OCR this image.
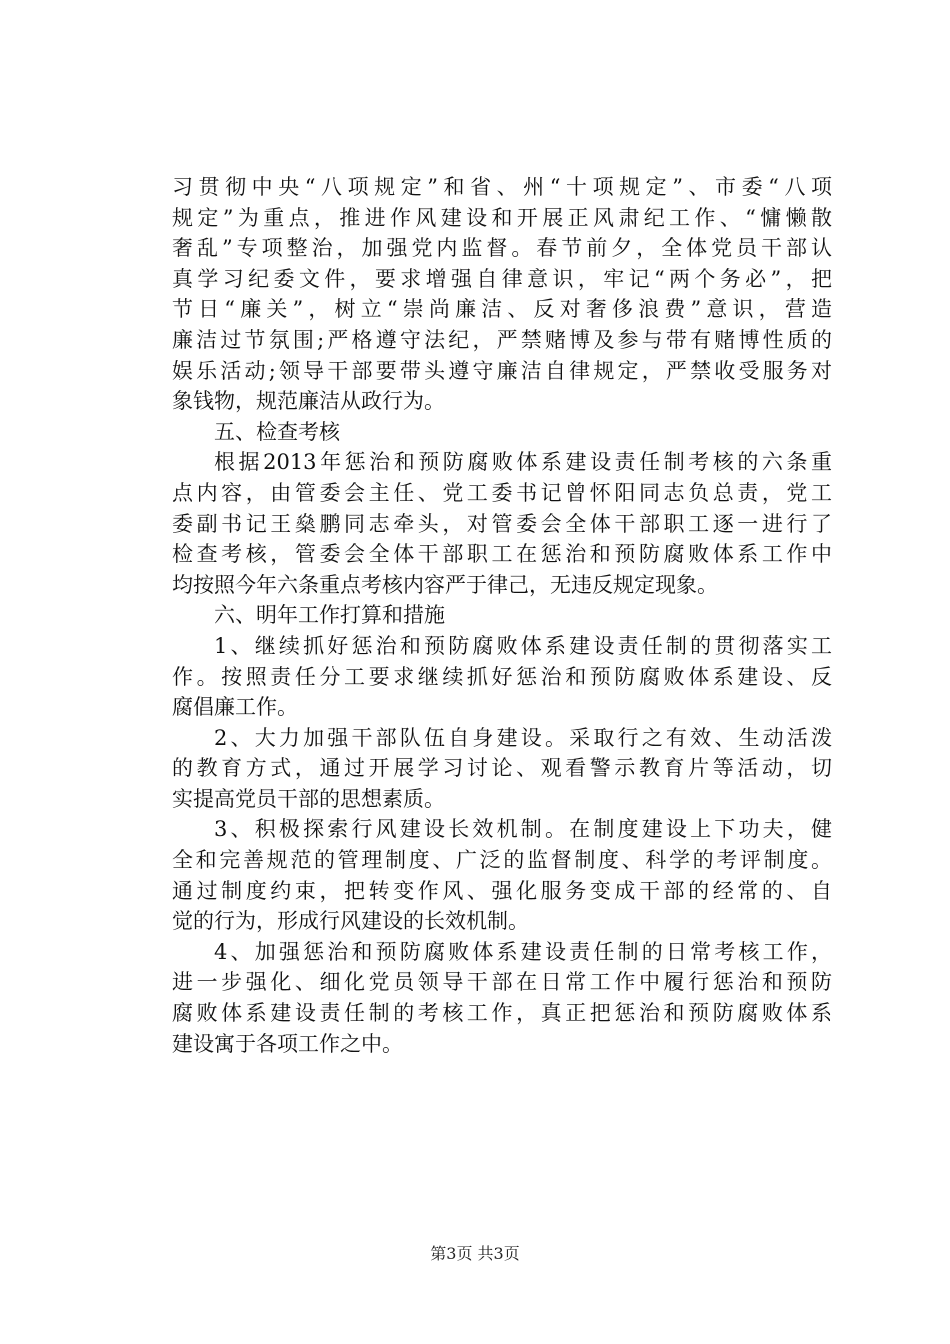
习贯彻中央“八项规定”和省、州“十项规定”、市委“八项
规定”为重点，推进作风建设和开展正风肃纪工作、“慵懒散
奢乱”专项整治，加强党内监督。春节前夕，全体党员干部认
真学习纪委文件，要求增强自律意识，牢记“两个务必”，把
节日“廉关”，树立“崇尚廉洁、反对奢侈浪费”意识，营造
廉洁过节氛围;严格遵守法纪，严禁赌博及参与带有赌博性质的
娱乐活动;领导干部要带头遵守廉洁自律规定，严禁收受服务对
象钱物，规范廉洁从政行为。
五、检查考核
根据2013年惩治和预防腐败体系建设责任制考核的六条重
点内容，由管委会主任、党工委书记曾怀阳同志负总责，党工
委副书记王燊鹏同志牵头，对管委会全体干部职工逐一进行了
检查考核，管委会全体干部职工在惩治和预防腐败体系工作中
均按照今年六条重点考核内容严于律己，无违反规定现象。
六、明年工作打算和措施
1、继续抓好惩治和预防腐败体系建设责任制的贯彻落实工
作。按照责任分工要求继续抓好惩治和预防腐败体系建设、反
腐倡廉工作。
2、大力加强干部队伍自身建设。采取行之有效、生动活泼
的教育方式，通过开展学习讨论、观看警示教育片等活动，切
实提高党员干部的思想素质。
3、积极探索行风建设长效机制。在制度建设上下功夫，健
全和完善规范的管理制度、广泛的监督制度、科学的考评制度。
通过制度约束，把转变作风、强化服务变成干部的经常的、自
觉的行为，形成行风建设的长效机制。
4、加强惩治和预防腐败体系建设责任制的日常考核工作，
进一步强化、细化党员领导干部在日常工作中履行惩治和预防
腐败体系建设责任制的考核工作，真正把惩治和预防腐败体系
建设寓于各项工作之中。
第3页 共3页
